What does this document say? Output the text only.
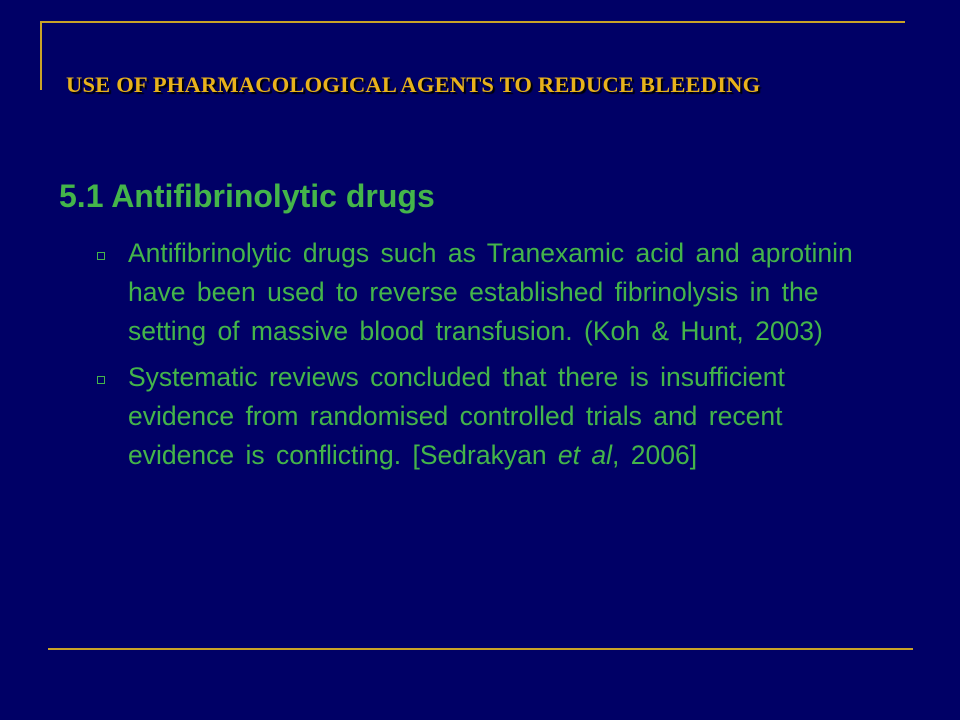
USE OF PHARMACOLOGICAL AGENTS TO REDUCE BLEEDING
5.1 Antifibrinolytic drugs
Antifibrinolytic drugs such as Tranexamic acid and aprotinin have been used to reverse established fibrinolysis in the setting of massive blood transfusion. (Koh & Hunt, 2003)
Systematic reviews concluded that there is insufficient evidence from randomised controlled trials and recent evidence is conflicting. [Sedrakyan et al, 2006]
